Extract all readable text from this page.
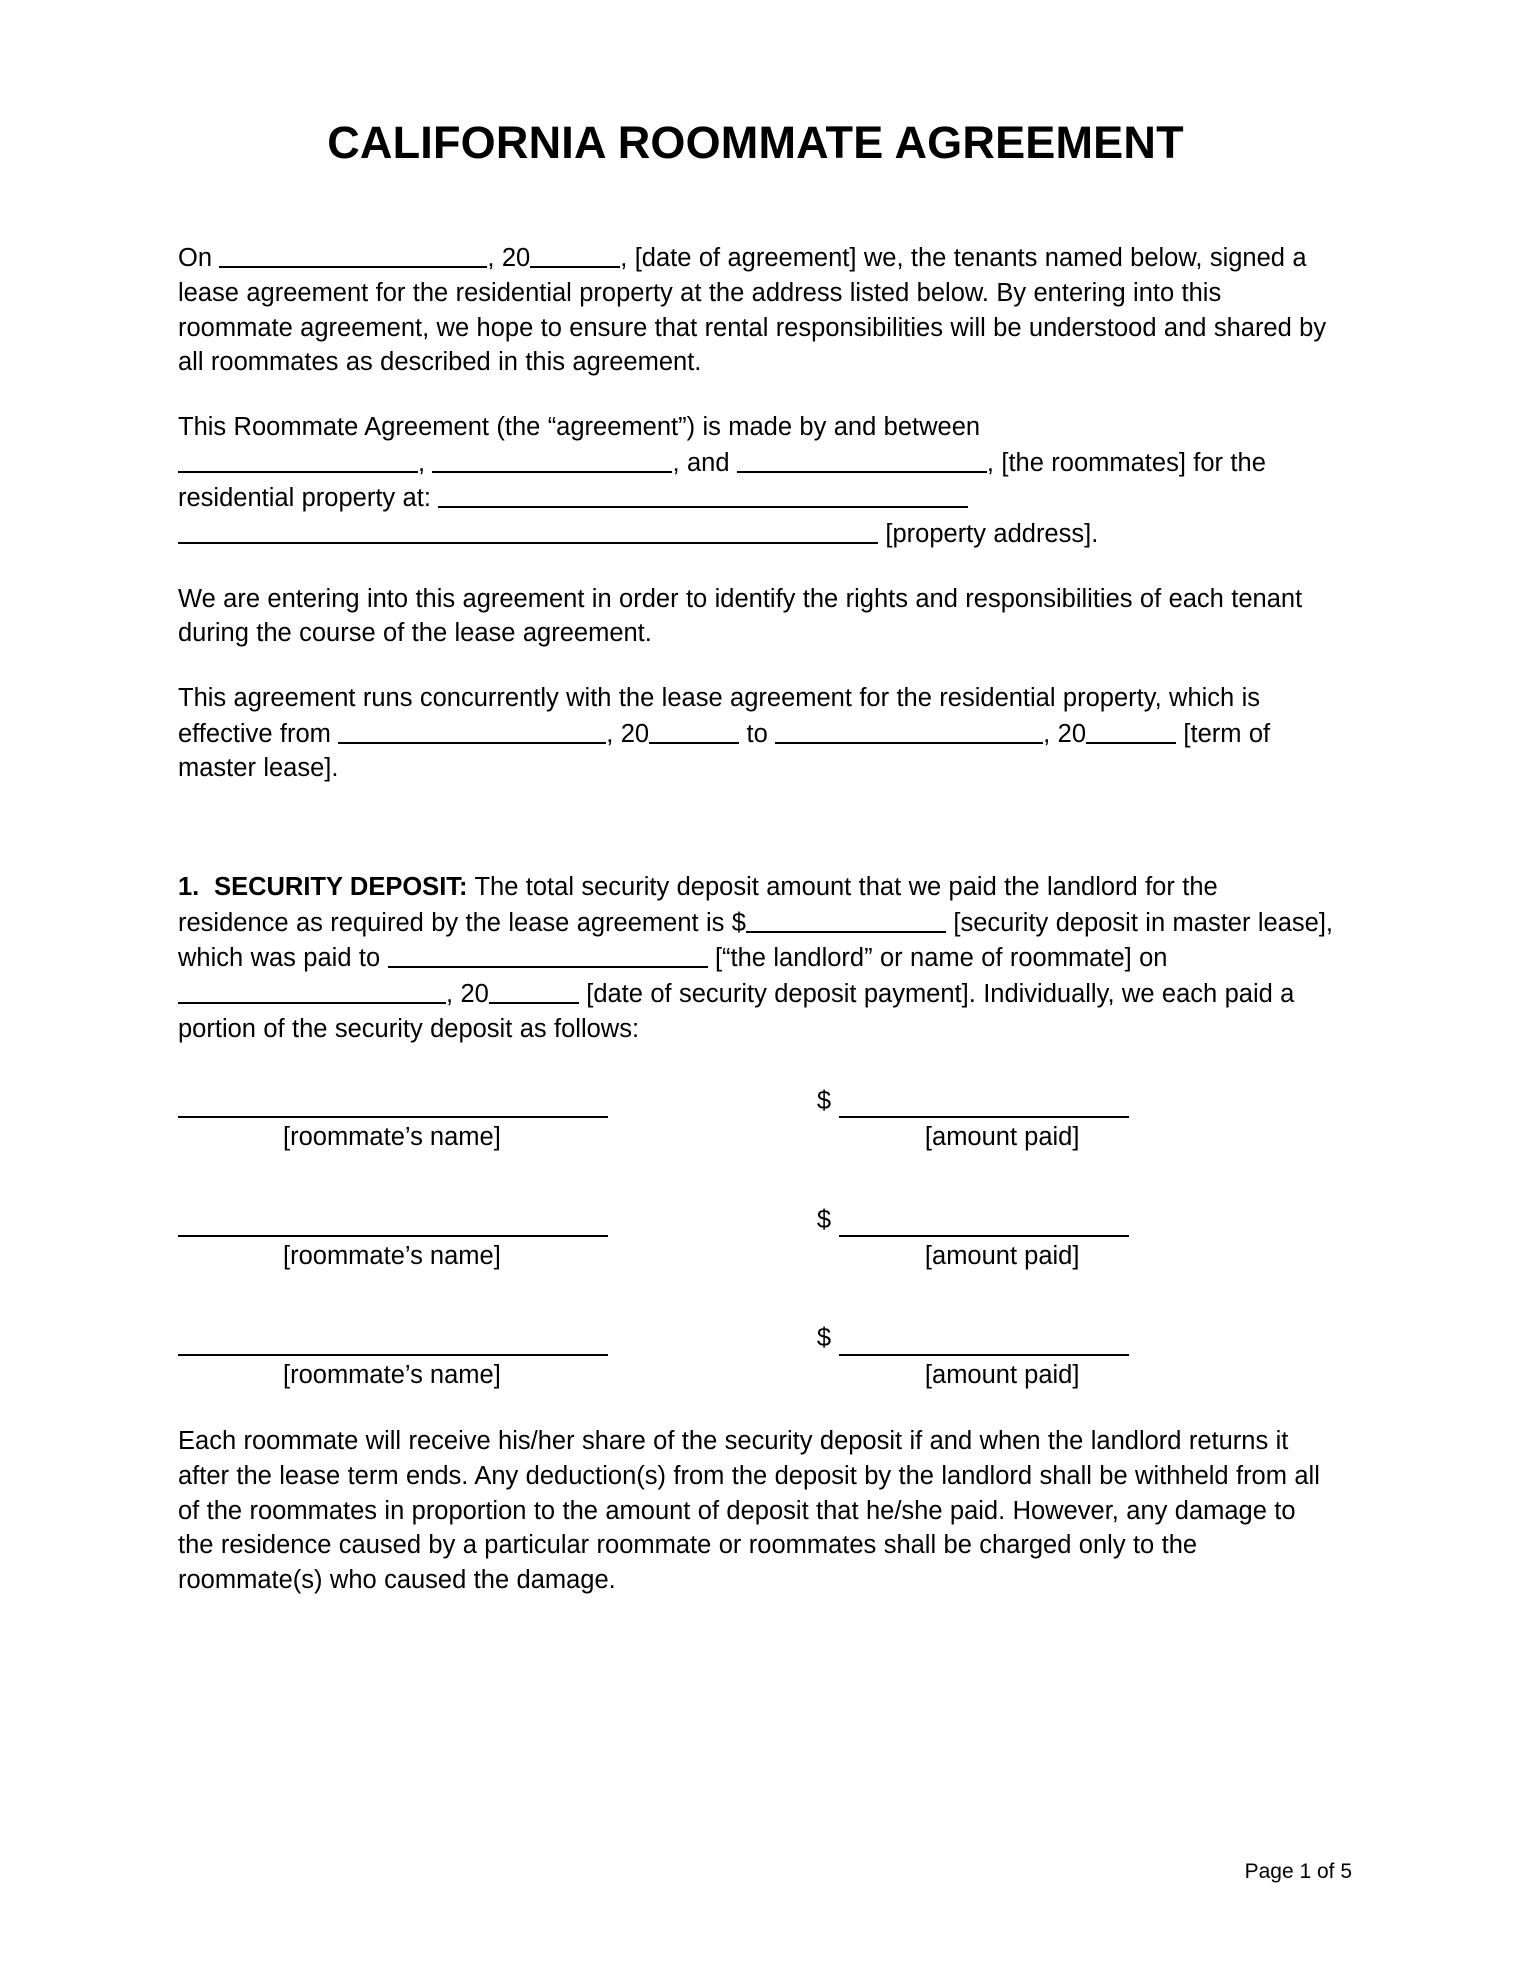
CALIFORNIA ROOMMATE AGREEMENT

On	, 20	, [date of agreement] we, the tenants named below, signed a lease agreement for the residential property at the address listed below. By entering into this roommate agreement, we hope to ensure that rental responsibilities will be understood and shared by all roommates as described in this agreement.

This Roommate Agreement (the “agreement”) is made by and between
,	, and	, [the roommates] for the residential property at:  [property address].

We are entering into this agreement in order to identify the rights and responsibilities of each tenant during the course of the lease agreement.

This agreement runs concurrently with the lease agreement for the residential property, which is effective from	, 20	to	, 20	[term of master lease].

1. SECURITY DEPOSIT: The total security deposit amount that we paid the landlord for the residence as required by the lease agreement is $	[security deposit in master lease], which was paid to	[“the landlord” or name of roommate] on , 20	[date of security deposit payment]. Individually, we each paid a portion of the security deposit as follows:

[roommate’s name]	$
[amount paid]

[roommate’s name]	$
[amount paid]

[roommate’s name]	$
[amount paid]

Each roommate will receive his/her share of the security deposit if and when the landlord returns it after the lease term ends. Any deduction(s) from the deposit by the landlord shall be withheld from all of the roommates in proportion to the amount of deposit that he/she paid. However, any damage to the residence caused by a particular roommate or roommates shall be charged only to the roommate(s) who caused the damage.

Page 1 of 5
